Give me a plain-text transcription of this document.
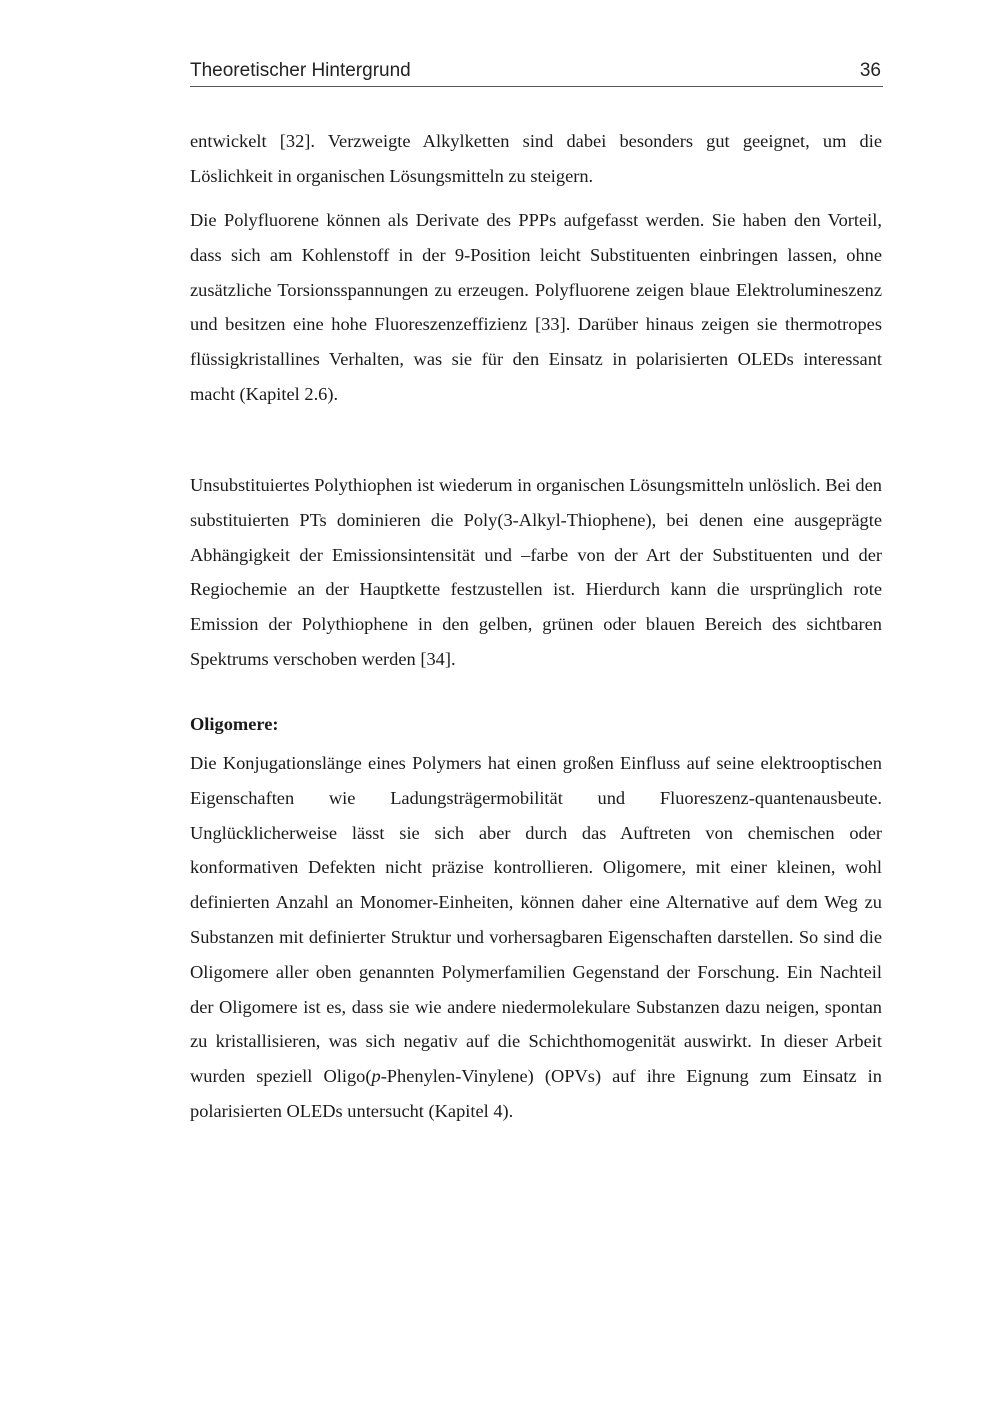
Theoretischer Hintergrund	36

entwickelt [32]. Verzweigte Alkylketten sind dabei besonders gut geeignet, um die Löslichkeit in organischen Lösungsmitteln zu steigern.

Die Polyfluorene können als Derivate des PPPs aufgefasst werden. Sie haben den Vorteil, dass sich am Kohlenstoff in der 9-Position leicht Substituenten einbringen lassen, ohne zusätzliche Torsionsspannungen zu erzeugen. Polyfluorene zeigen blaue Elektrolumineszenz und besitzen eine hohe Fluoreszenzeffizienz [33]. Darüber hinaus zeigen sie thermotropes flüssigkristallines Verhalten, was sie für den Einsatz in polarisierten OLEDs interessant macht (Kapitel 2.6).

Unsubstituiertes Polythiophen ist wiederum in organischen Lösungsmitteln unlöslich. Bei den substituierten PTs dominieren die Poly(3-Alkyl-Thiophene), bei denen eine ausgeprägte Abhängigkeit der Emissionsintensität und –farbe von der Art der Substituenten und der Regiochemie an der Hauptkette festzustellen ist. Hierdurch kann die ursprünglich rote Emission der Polythiophene in den gelben, grünen oder blauen Bereich des sichtbaren Spektrums verschoben werden [34].

Oligomere:

Die Konjugationslänge eines Polymers hat einen großen Einfluss auf seine elektrooptischen Eigenschaften wie Ladungsträgermobilität und Fluoreszenz-quantenausbeute. Unglücklicherweise lässt sie sich aber durch das Auftreten von chemischen oder konformativen Defekten nicht präzise kontrollieren. Oligomere, mit einer kleinen, wohl definierten Anzahl an Monomer-Einheiten, können daher eine Alternative auf dem Weg zu Substanzen mit definierter Struktur und vorhersagbaren Eigenschaften darstellen. So sind die Oligomere aller oben genannten Polymerfamilien Gegenstand der Forschung. Ein Nachteil der Oligomere ist es, dass sie wie andere niedermolekulare Substanzen dazu neigen, spontan zu kristallisieren, was sich negativ auf die Schichthomogenität auswirkt. In dieser Arbeit wurden speziell Oligo(p-Phenylen-Vinylene) (OPVs) auf ihre Eignung zum Einsatz in polarisierten OLEDs untersucht (Kapitel 4).
